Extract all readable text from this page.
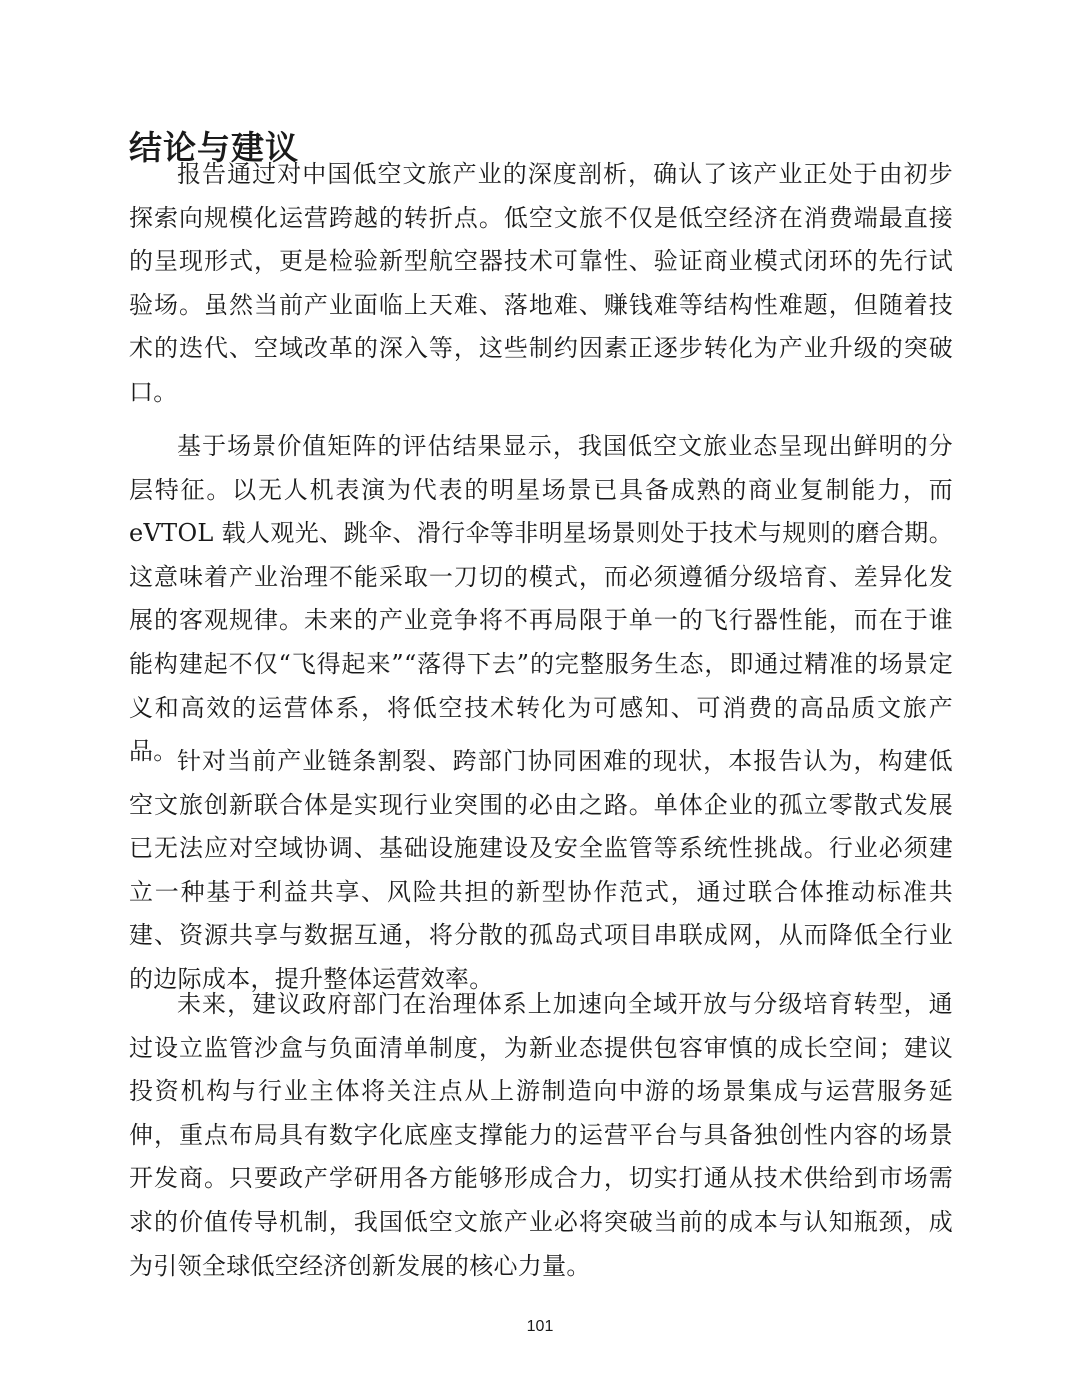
结论与建议

报告通过对中国低空文旅产业的深度剖析，确认了该产业正处于由初步探索向规模化运营跨越的转折点。低空文旅不仅是低空经济在消费端最直接的呈现形式，更是检验新型航空器技术可靠性、验证商业模式闭环的先行试验场。虽然当前产业面临上天难、落地难、赚钱难等结构性难题，但随着技术的迭代、空域改革的深入等，这些制约因素正逐步转化为产业升级的突破口。

基于场景价值矩阵的评估结果显示，我国低空文旅业态呈现出鲜明的分层特征。以无人机表演为代表的明星场景已具备成熟的商业复制能力，而 eVTOL 载人观光、跳伞、滑行伞等非明星场景则处于技术与规则的磨合期。这意味着产业治理不能采取一刀切的模式，而必须遵循分级培育、差异化发展的客观规律。未来的产业竞争将不再局限于单一的飞行器性能，而在于谁能构建起不仅“飞得起来”“落得下去”的完整服务生态，即通过精准的场景定义和高效的运营体系，将低空技术转化为可感知、可消费的高品质文旅产品。 针对当前产业链条割裂、跨部门协同困难的现状，本报告认为，构建低空文旅创新联合体是实现行业突围的必由之路。单体企业的孤立零散式发展已无法应对空域协调、基础设施建设及安全监管等系统性挑战。行业必须建立一种基于利益共享、风险共担的新型协作范式，通过联合体推动标准共建、资源共享与数据互通，将分散的孤岛式项目串联成网，从而降低全行业的边际成本，提升整体运营效率。

未来，建议政府部门在治理体系上加速向全域开放与分级培育转型，通过设立监管沙盒与负面清单制度，为新业态提供包容审慎的成长空间；建议投资机构与行业主体将关注点从上游制造向中游的场景集成与运营服务延伸，重点布局具有数字化底座支撑能力的运营平台与具备独创性内容的场景开发商。只要政产学研用各方能够形成合力，切实打通从技术供给到市场需求的价值传导机制，我国低空文旅产业必将突破当前的成本与认知瓶颈，成为引领全球低空经济创新发展的核心力量。

101
